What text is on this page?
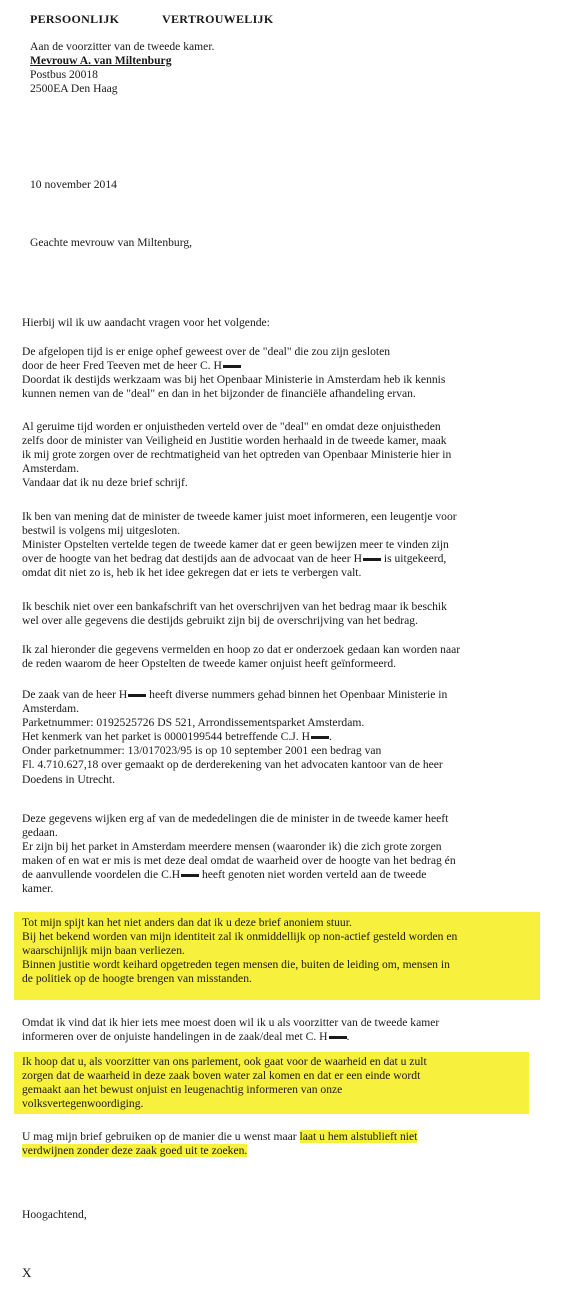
PERSOONLIJK	VERTROUWELIJK
Aan de voorzitter van de tweede kamer.
Mevrouw A. van Miltenburg
Postbus 20018
2500EA Den Haag
10 november 2014
Geachte mevrouw van Miltenburg,
Hierbij wil ik uw aandacht vragen voor het volgende:
De afgelopen tijd is er enige ophef geweest over de "deal" die zou zijn gesloten
door de heer Fred Teeven met de heer C. H
Doordat ik destijds werkzaam was bij het Openbaar Ministerie in Amsterdam heb ik kennis
kunnen nemen van de "deal" en dan in het bijzonder de financiële afhandeling ervan.
Al geruime tijd worden er onjuistheden verteld over de "deal" en omdat deze onjuistheden
zelfs door de minister van Veiligheid en Justitie worden herhaald in de tweede kamer, maak
ik mij grote zorgen over de rechtmatigheid van het optreden van Openbaar Ministerie hier in
Amsterdam.
Vandaar dat ik nu deze brief schrijf.
Ik ben van mening dat de minister de tweede kamer juist moet informeren, een leugentje voor
bestwil is volgens mij uitgesloten.
Minister Opstelten vertelde tegen de tweede kamer dat er geen bewijzen meer te vinden zijn
over de hoogte van het bedrag dat destijds aan de advocaat van de heer H is uitgekeerd,
omdat dit niet zo is, heb ik het idee gekregen dat er iets te verbergen valt.
Ik beschik niet over een bankafschrift van het overschrijven van het bedrag maar ik beschik
wel over alle gegevens die destijds gebruikt zijn bij de overschrijving van het bedrag.
Ik zal hieronder die gegevens vermelden en hoop zo dat er onderzoek gedaan kan worden naar
de reden waarom de heer Opstelten de tweede kamer onjuist heeft geïnformeerd.
De zaak van de heer H heeft diverse nummers gehad binnen het Openbaar Ministerie in
Amsterdam.
Parketnummer: 0192525726 DS 521, Arrondissementsparket Amsterdam.
Het kenmerk van het parket is 0000199544 betreffende C.J. H .
Onder parketnummer: 13/017023/95 is op 10 september 2001 een bedrag van
Fl. 4.710.627,18 over gemaakt op de derderekening van het advocaten kantoor van de heer
Doedens in Utrecht.
Deze gegevens wijken erg af van de mededelingen die de minister in de tweede kamer heeft
gedaan.
Er zijn bij het parket in Amsterdam meerdere mensen (waaronder ik) die zich grote zorgen
maken of en wat er mis is met deze deal omdat de waarheid over de hoogte van het bedrag én
de aanvullende voordelen die C.H heeft genoten niet worden verteld aan de tweede
kamer.
Tot mijn spijt kan het niet anders dan dat ik u deze brief anoniem stuur.
Bij het bekend worden van mijn identiteit zal ik onmiddellijk op non-actief gesteld worden en
waarschijnlijk mijn baan verliezen.
Binnen justitie wordt keihard opgetreden tegen mensen die, buiten de leiding om, mensen in
de politiek op de hoogte brengen van misstanden.
Omdat ik vind dat ik hier iets mee moest doen wil ik u als voorzitter van de tweede kamer
informeren over de onjuiste handelingen in de zaak/deal met C. H .
Ik hoop dat u, als voorzitter van ons parlement, ook gaat voor de waarheid en dat u zult
zorgen dat de waarheid in deze zaak boven water zal komen en dat er een einde wordt
gemaakt aan het bewust onjuist en leugenachtig informeren van onze
volksvertegenwoordiging.
U mag mijn brief gebruiken op de manier die u wenst maar laat u hem alstublieft niet
verdwijnen zonder deze zaak goed uit te zoeken.
Hoogachtend,
X
